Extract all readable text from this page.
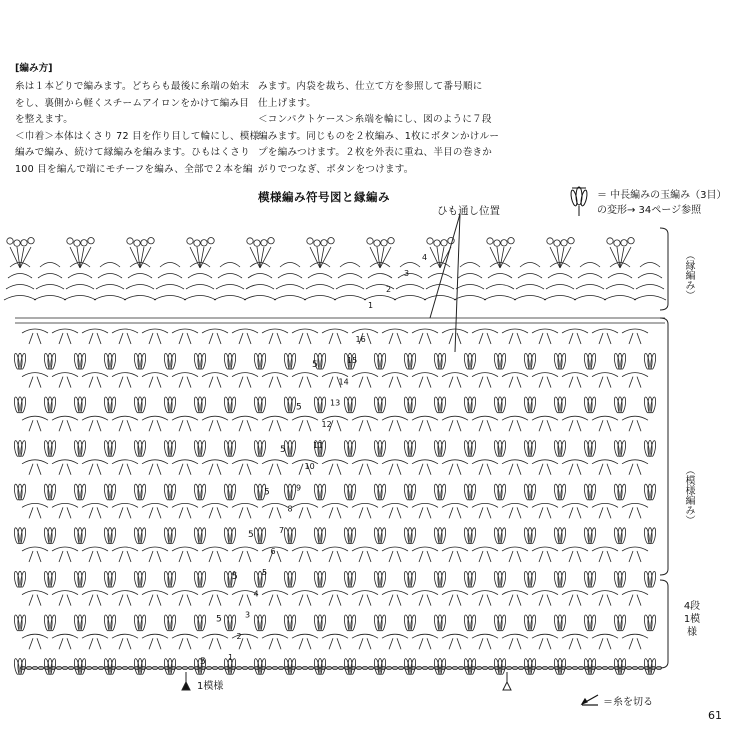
[編み方]
糸は１本どりで編みます。どちらも最後に糸端の始末
をし、裏側から軽くスチームアイロンをかけて編み目
を整えます。
＜巾着＞本体はくさり 72 目を作り目して輪にし、模様
編みで編み、続けて縁編みを編みます。ひもはくさり
100 目を編んで端にモチーフを編み、全部で２本を編
みます。内袋を裁ち、仕立て方を参照して番号順に
仕上げます。
＜コンパクトケース＞糸端を輪にし、図のように７段
編みます。同じものを２枚編み、1枚にボタンかけルー
プを編みつけます。２枚を外表に重ね、半目の巻きか
がりでつなぎ、ボタンをつけます。
模様編み符号図と縁編み	＝ 中長編みの玉編み（3目）
の変形→ 34ページ参照
ひも通し位置
（縁編み）
（模様編み）
4段1模様
1模様
＝糸を切る
61
1
2
3
4
5
6
7
8
9
10
11
12
13
14
15
16
5
5
5
5
5
5
5
5
1
2
3
4
